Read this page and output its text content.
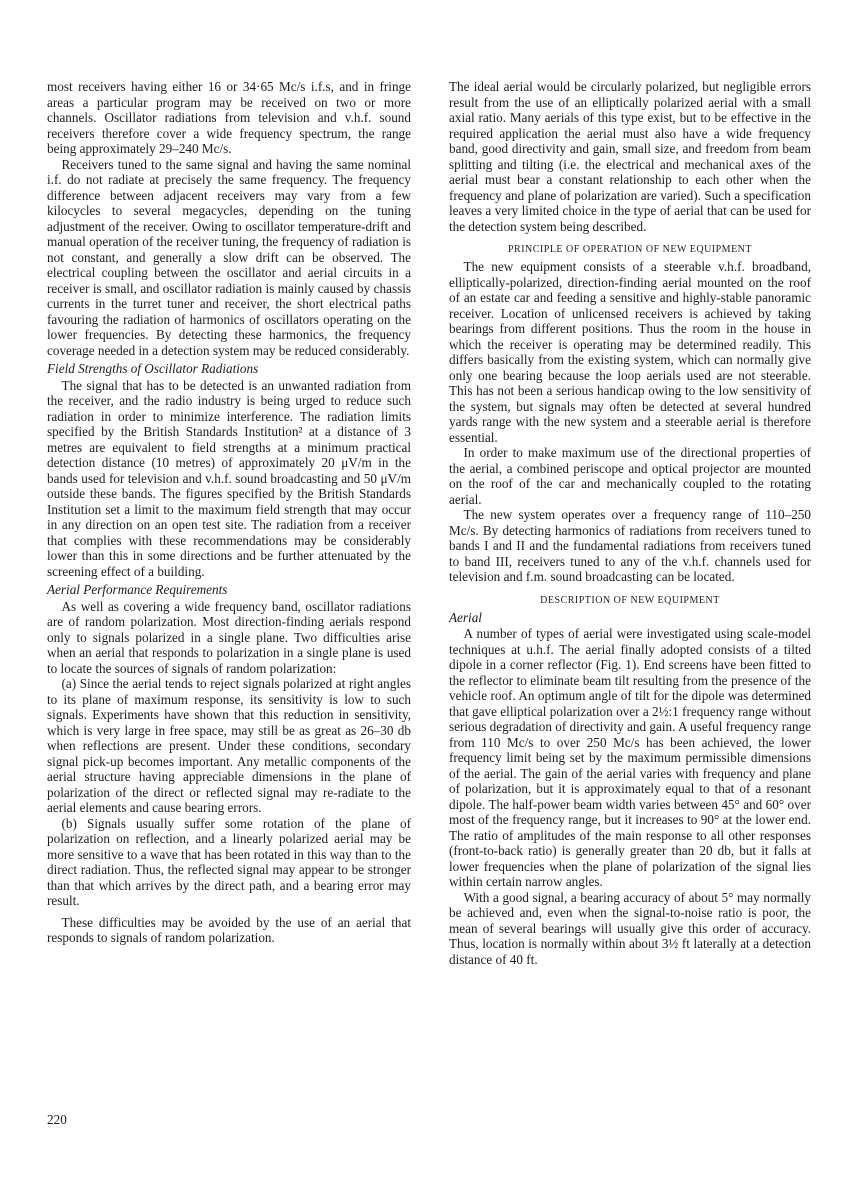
most receivers having either 16 or 34·65 Mc/s i.f.s, and in fringe areas a particular program may be received on two or more channels. Oscillator radiations from television and v.h.f. sound receivers therefore cover a wide frequency spectrum, the range being approximately 29–240 Mc/s.

Receivers tuned to the same signal and having the same nominal i.f. do not radiate at precisely the same frequency. The frequency difference between adjacent receivers may vary from a few kilocycles to several megacycles, depending on the tuning adjustment of the receiver. Owing to oscillator temperature-drift and manual operation of the receiver tuning, the frequency of radiation is not constant, and generally a slow drift can be observed. The electrical coupling between the oscillator and aerial circuits in a receiver is small, and oscillator radiation is mainly caused by chassis currents in the turret tuner and receiver, the short electrical paths favouring the radiation of harmonics of oscillators operating on the lower frequencies. By detecting these harmonics, the frequency coverage needed in a detection system may be reduced considerably.

Field Strengths of Oscillator Radiations

The signal that has to be detected is an unwanted radiation from the receiver, and the radio industry is being urged to reduce such radiation in order to minimize interference. The radiation limits specified by the British Standards Institution² at a distance of 3 metres are equivalent to field strengths at a minimum practical detection distance (10 metres) of approximately 20 μV/m in the bands used for television and v.h.f. sound broadcasting and 50 μV/m outside these bands. The figures specified by the British Standards Institution set a limit to the maximum field strength that may occur in any direction on an open test site. The radiation from a receiver that complies with these recommendations may be considerably lower than this in some directions and be further attenuated by the screening effect of a building.

Aerial Performance Requirements

As well as covering a wide frequency band, oscillator radiations are of random polarization. Most direction-finding aerials respond only to signals polarized in a single plane. Two difficulties arise when an aerial that responds to polarization in a single plane is used to locate the sources of signals of random polarization:

(a) Since the aerial tends to reject signals polarized at right angles to its plane of maximum response, its sensitivity is low to such signals. Experiments have shown that this reduction in sensitivity, which is very large in free space, may still be as great as 26–30 db when reflections are present. Under these conditions, secondary signal pick-up becomes important. Any metallic components of the aerial structure having appreciable dimensions in the plane of polarization of the direct or reflected signal may re-radiate to the aerial elements and cause bearing errors.

(b) Signals usually suffer some rotation of the plane of polarization on reflection, and a linearly polarized aerial may be more sensitive to a wave that has been rotated in this way than to the direct radiation. Thus, the reflected signal may appear to be stronger than that which arrives by the direct path, and a bearing error may result.

These difficulties may be avoided by the use of an aerial that responds to signals of random polarization.

The ideal aerial would be circularly polarized, but negligible errors result from the use of an elliptically polarized aerial with a small axial ratio. Many aerials of this type exist, but to be effective in the required application the aerial must also have a wide frequency band, good directivity and gain, small size, and freedom from beam splitting and tilting (i.e. the electrical and mechanical axes of the aerial must bear a constant relationship to each other when the frequency and plane of polarization are varied). Such a specification leaves a very limited choice in the type of aerial that can be used for the detection system being described.

PRINCIPLE OF OPERATION OF NEW EQUIPMENT

The new equipment consists of a steerable v.h.f. broadband, elliptically-polarized, direction-finding aerial mounted on the roof of an estate car and feeding a sensitive and highly-stable panoramic receiver. Location of unlicensed receivers is achieved by taking bearings from different positions. Thus the room in the house in which the receiver is operating may be determined readily. This differs basically from the existing system, which can normally give only one bearing because the loop aerials used are not steerable. This has not been a serious handicap owing to the low sensitivity of the system, but signals may often be detected at several hundred yards range with the new system and a steerable aerial is therefore essential.

In order to make maximum use of the directional properties of the aerial, a combined periscope and optical projector are mounted on the roof of the car and mechanically coupled to the rotating aerial.

The new system operates over a frequency range of 110–250 Mc/s. By detecting harmonics of radiations from receivers tuned to bands I and II and the fundamental radiations from receivers tuned to band III, receivers tuned to any of the v.h.f. channels used for television and f.m. sound broadcasting can be located.

DESCRIPTION OF NEW EQUIPMENT
Aerial

A number of types of aerial were investigated using scale-model techniques at u.h.f. The aerial finally adopted consists of a tilted dipole in a corner reflector (Fig. 1). End screens have been fitted to the reflector to eliminate beam tilt resulting from the presence of the vehicle roof. An optimum angle of tilt for the dipole was determined that gave elliptical polarization over a 2½:1 frequency range without serious degradation of directivity and gain. A useful frequency range from 110 Mc/s to over 250 Mc/s has been achieved, the lower frequency limit being set by the maximum permissible dimensions of the aerial. The gain of the aerial varies with frequency and plane of polarization, but it is approximately equal to that of a resonant dipole. The half-power beam width varies between 45° and 60° over most of the frequency range, but it increases to 90° at the lower end. The ratio of amplitudes of the main response to all other responses (front-to-back ratio) is generally greater than 20 db, but it falls at lower frequencies when the plane of polarization of the signal lies within certain narrow angles.

With a good signal, a bearing accuracy of about 5° may normally be achieved and, even when the signal-to-noise ratio is poor, the mean of several bearings will usually give this order of accuracy. Thus, location is normally within about 3½ ft laterally at a detection distance of 40 ft.

220
